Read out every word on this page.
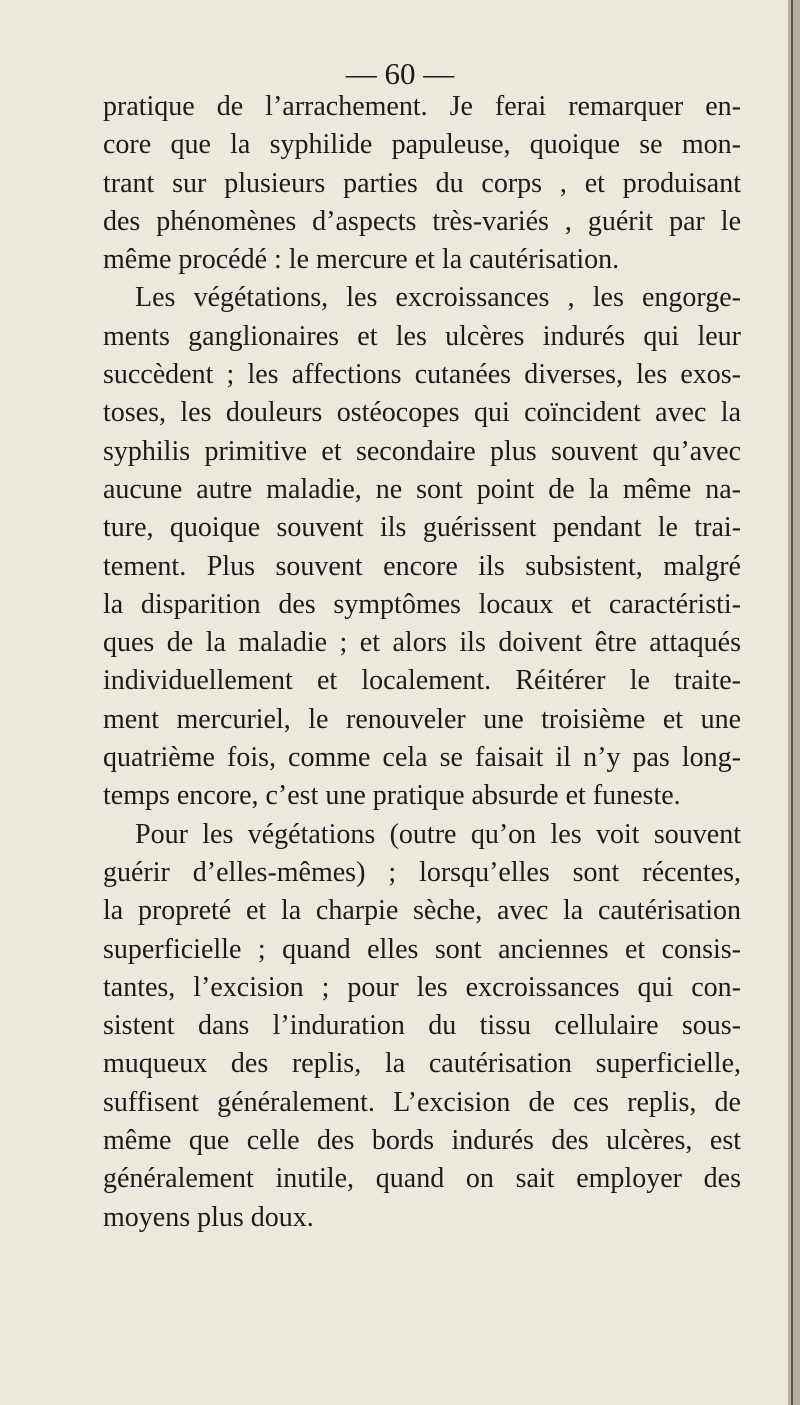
— 60 —
pratique de l’arrachement. Je ferai remarquer en-
core que la syphilide papuleuse, quoique se mon-
trant sur plusieurs parties du corps , et produisant
des phénomènes d’aspects très-variés , guérit par le
même procédé : le mercure et la cautérisation.
Les végétations, les excroissances , les engorge-
ments ganglionaires et les ulcères indurés qui leur
succèdent ; les affections cutanées diverses, les exos-
toses, les douleurs ostéocopes qui coïncident avec la
syphilis primitive et secondaire plus souvent qu’avec
aucune autre maladie, ne sont point de la même na-
ture, quoique souvent ils guérissent pendant le trai-
tement. Plus souvent encore ils subsistent, malgré
la disparition des symptômes locaux et caractéristi-
ques de la maladie ; et alors ils doivent être attaqués
individuellement et localement. Réitérer le traite-
ment mercuriel, le renouveler une troisième et une
quatrième fois, comme cela se faisait il n’y pas long-
temps encore, c’est une pratique absurde et funeste.
Pour les végétations (outre qu’on les voit souvent
guérir d’elles-mêmes) ; lorsqu’elles sont récentes,
la propreté et la charpie sèche, avec la cautérisation
superficielle ; quand elles sont anciennes et consis-
tantes, l’excision ; pour les excroissances qui con-
sistent dans l’induration du tissu cellulaire sous-
muqueux des replis, la cautérisation superficielle,
suffisent généralement. L’excision de ces replis, de
même que celle des bords indurés des ulcères, est
généralement inutile, quand on sait employer des
moyens plus doux.
